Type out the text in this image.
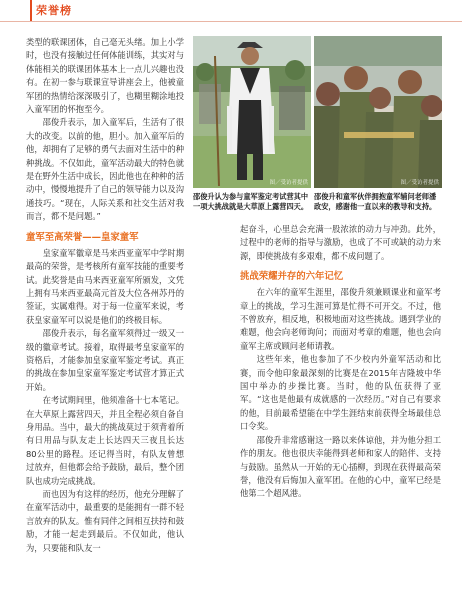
荣誉榜

类型的联课团体，自己毫无头绪。加上小学时，也没有接触过任何体能训练，其实对与体能相关的联课团体基本上一点儿兴趣也没有。在初一参与联课宣导讲座会上，他被童军团的热情给深深吸引了，也糊里糊涂地投入童军团的怀抱至今。

邵俊升表示，加入童军后，生活有了很大的改变。以前的他，胆小。加入童军后的他，却拥有了足够的勇气去面对生活中的种种挑战。不仅如此，童军活动最大的特色就是在野外生活中成长，因此他也在种种的活动中，慢慢地提升了自己的领导能力以及沟通技巧。“现在，人际关系和社交生活对我而言，都不是问题。”

童军至高荣誉——皇家童军

皇家童军徽章是马来西亚童军中学时期最高的荣誉，是考核所有童军技能的重要考试。此奖誉是由马来西亚童军所颁发，文凭上拥有马来西亚最高元首及大位各州苏丹的签证，实属难得。对于每一位童军来说，考获皇家童军可以说是他们的终极目标。

邵俊升表示，每名童军须得过一级又一级的徽章考试。接着，取得最考皇家童军的资格后，才能参加皇家童军鉴定考试。真正的挑战在参加皇家童军鉴定考试营才算正式开始。

在考试期间里，他须准备十七本笔记。在大草原上露营四天，并且全程必须自备自身用品。当中，最大的挑战莫过于须背着所有日用品与队友走上长达四天三夜且长达80公里的路程。还记得当时，有队友曾想过放弃，但他都会给予鼓励，最后，整个团队也成功完成挑战。

而也因为有这样的经历，他充分理解了在童军活动中，最重要的是能拥有一群不轻言放弃的队友。惟有同伴之间相互扶持和鼓励，才能一起走到最后。不仅如此，他认为，只要能和队友一

图／受访者提供
邵俊升认为参与童军鉴定考试营其中一项大挑战就是大草原上露营四天。
图／受访者提供
邵俊升和童军伙伴拥抱童军辅问老师潘政安，感谢他一直以来的教导和支持。

起奋斗，心里总会充满一股浓浓的动力与冲劲。此外，过程中的老师的指导与激励，也成了不可或缺的动力来源，即使挑战有多艰难，都不成问题了。

挑战荣耀并存的六年记忆

在六年的童军生涯里，邵俊升须兼顾课业和童军考章上的挑战，学习生涯可算是忙得不可开交。不过，他不曾放弃，相反地，积极地面对这些挑战。遇到学业的难题，他会向老师询问；而面对考章的难题，他也会向童军主席或顾问老师请教。

这些年来，他也参加了不少校内外童军活动和比赛，而令他印象最深刻的比赛是在2015年吉隆坡中华国中举办的步操比赛。当时，他的队伍获得了亚军。“这也是他最有成就感的一次经历。”对自己有要求的他，目前最希望能在中学生涯结束前获得全场最佳总口令奖。

邵俊升非常感谢这一路以来体谅他，并为他分担工作的朋友。他也很庆幸能得到老师和家人的陪伴、支持与鼓励。虽然从一开始的无心插柳，到现在获得最高荣誉，他没有后悔加入童军团。在他的心中，童军已经是他第二个超风港。
